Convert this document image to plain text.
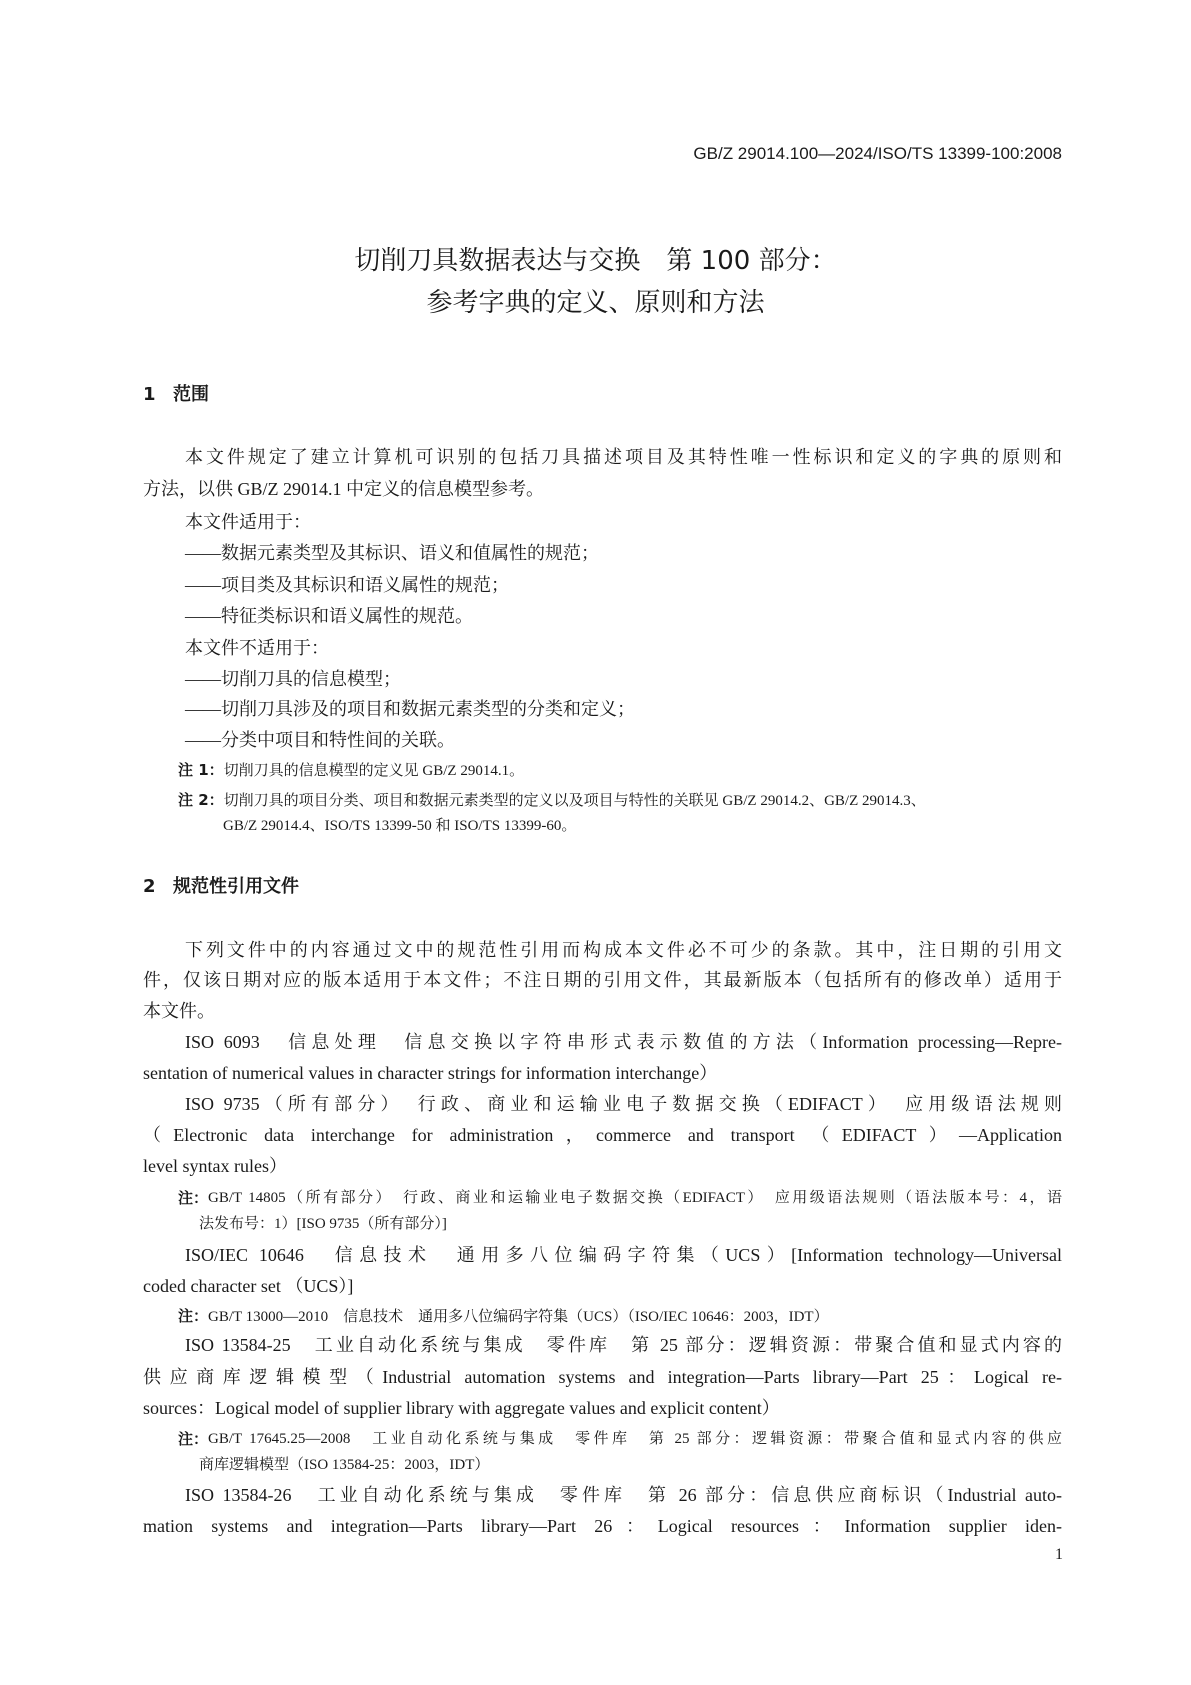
GB/Z 29014.100—2024/ISO/TS 13399-100:2008
切削刀具数据表达与交换　第 100 部分：
参考字典的定义、原则和方法
1 范围
本文件规定了建立计算机可识别的包括刀具描述项目及其特性唯一性标识和定义的字典的原则和
方法，以供 GB/Z 29014.1 中定义的信息模型参考。
本文件适用于：
——数据元素类型及其标识、语义和值属性的规范；
——项目类及其标识和语义属性的规范；
——特征类标识和语义属性的规范。
本文件不适用于：
——切削刀具的信息模型；
——切削刀具涉及的项目和数据元素类型的分类和定义；
——分类中项目和特性间的关联。
注 1：切削刀具的信息模型的定义见 GB/Z 29014.1。
注 2：切削刀具的项目分类、项目和数据元素类型的定义以及项目与特性的关联见 GB/Z 29014.2、GB/Z 29014.3、
GB/Z 29014.4、ISO/TS 13399-50 和 ISO/TS 13399-60。
2 规范性引用文件
下列文件中的内容通过文中的规范性引用而构成本文件必不可少的条款。其中，注日期的引用文
件，仅该日期对应的版本适用于本文件；不注日期的引用文件，其最新版本（包括所有的修改单）适用于
本文件。
ISO 6093　信息处理　信息交换以字符串形式表示数值的方法（Information processing—Repre-
sentation of numerical values in character strings for information interchange）
ISO 9735（所有部分）　行政、商业和运输业电子数据交换（EDIFACT）　应用级语法规则
（Electronic data interchange for administration，commerce and transport （EDIFACT）—Application
level syntax rules）
注： GB/T 14805（所有部分）　行政、商业和运输业电子数据交换（EDIFACT）　应用级语法规则（语法版本号：4，语
法发布号：1）[ISO 9735（所有部分）]
ISO/IEC 10646　信息技术　通用多八位编码字符集（UCS）[Information technology—Universal
coded character set （UCS）]
注：GB/T 13000—2010　信息技术　通用多八位编码字符集（UCS）（ISO/IEC 10646：2003，IDT）
ISO 13584-25　工业自动化系统与集成　零件库　第 25 部分：逻辑资源：带聚合值和显式内容的
供应商库逻辑模型（Industrial automation systems and integration—Parts library—Part 25：Logical re-
sources：Logical model of supplier library with aggregate values and explicit content）
注： GB/T 17645.25—2008　工业自动化系统与集成　零件库　第 25 部分：逻辑资源：带聚合值和显式内容的供应
商库逻辑模型（ISO 13584-25：2003，IDT）
ISO 13584-26　工业自动化系统与集成　零件库　第 26 部分：信息供应商标识（Industrial auto-
mation systems and integration—Parts library—Part 26：Logical resources：Information supplier iden-
1
